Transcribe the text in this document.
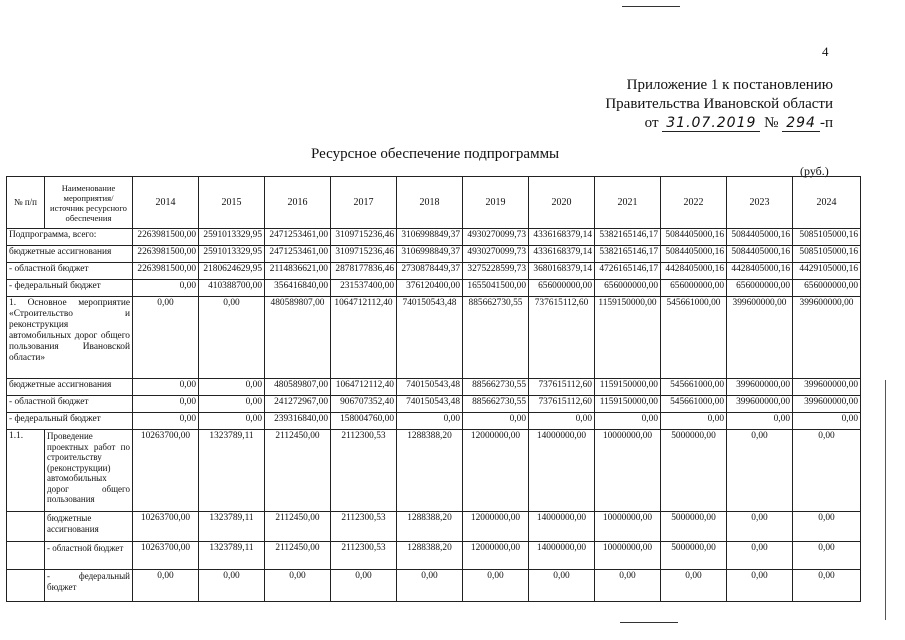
4
Приложение 1 к постановлению
Правительства Ивановской области
от 31.07.2019 № 294 -п
Ресурсное обеспечение подпрограммы
(руб.)
№ п/п	Наименование мероприятия/источник ресурсного обеспечения	2014	2015	2016	2017	2018	2019	2020	2021	2022	2023	2024
Подпрограмма, всего:		2263981500,00	2591013329,95	2471253461,00	3109715236,46	3106998849,37	4930270099,73	4336168379,14	5382165146,17	5084405000,16	5084405000,16	5085105000,16
бюджетные ассигнования		2263981500,00	2591013329,95	2471253461,00	3109715236,46	3106998849,37	4930270099,73	4336168379,14	5382165146,17	5084405000,16	5084405000,16	5085105000,16
- областной бюджет		2263981500,00	2180624629,95	2114836621,00	2878177836,46	2730878449,37	3275228599,73	3680168379,14	4726165146,17	4428405000,16	4428405000,16	4429105000,16
- федеральный бюджет		0,00	410388700,00	356416840,00	231537400,00	376120400,00	1655041500,00	656000000,00	656000000,00	656000000,00	656000000,00	656000000,00
1. Основное мероприятие «Строительство и реконструкция автомобильных дорог общего пользования Ивановской области»		0,00	0,00	480589807,00	1064712112,40	740150543,48	885662730,55	737615112,60	1159150000,00	545661000,00	399600000,00	399600000,00
бюджетные ассигнования		0,00	0,00	480589807,00	1064712112,40	740150543,48	885662730,55	737615112,60	1159150000,00	545661000,00	399600000,00	399600000,00
- областной бюджет		0,00	0,00	241272967,00	906707352,40	740150543,48	885662730,55	737615112,60	1159150000,00	545661000,00	399600000,00	399600000,00
- федеральный бюджет		0,00	0,00	239316840,00	158004760,00	0,00	0,00	0,00	0,00	0,00	0,00	0,00
1.1.	Проведение проектных работ по строительству (реконструкции) автомобильных дорог общего пользования	10263700,00	1323789,11	2112450,00	2112300,53	1288388,20	12000000,00	14000000,00	10000000,00	5000000,00	0,00	0,00
	бюджетные ассигнования	10263700,00	1323789,11	2112450,00	2112300,53	1288388,20	12000000,00	14000000,00	10000000,00	5000000,00	0,00	0,00
	- областной бюджет	10263700,00	1323789,11	2112450,00	2112300,53	1288388,20	12000000,00	14000000,00	10000000,00	5000000,00	0,00	0,00
	- федеральный бюджет	0,00	0,00	0,00	0,00	0,00	0,00	0,00	0,00	0,00	0,00	0,00
